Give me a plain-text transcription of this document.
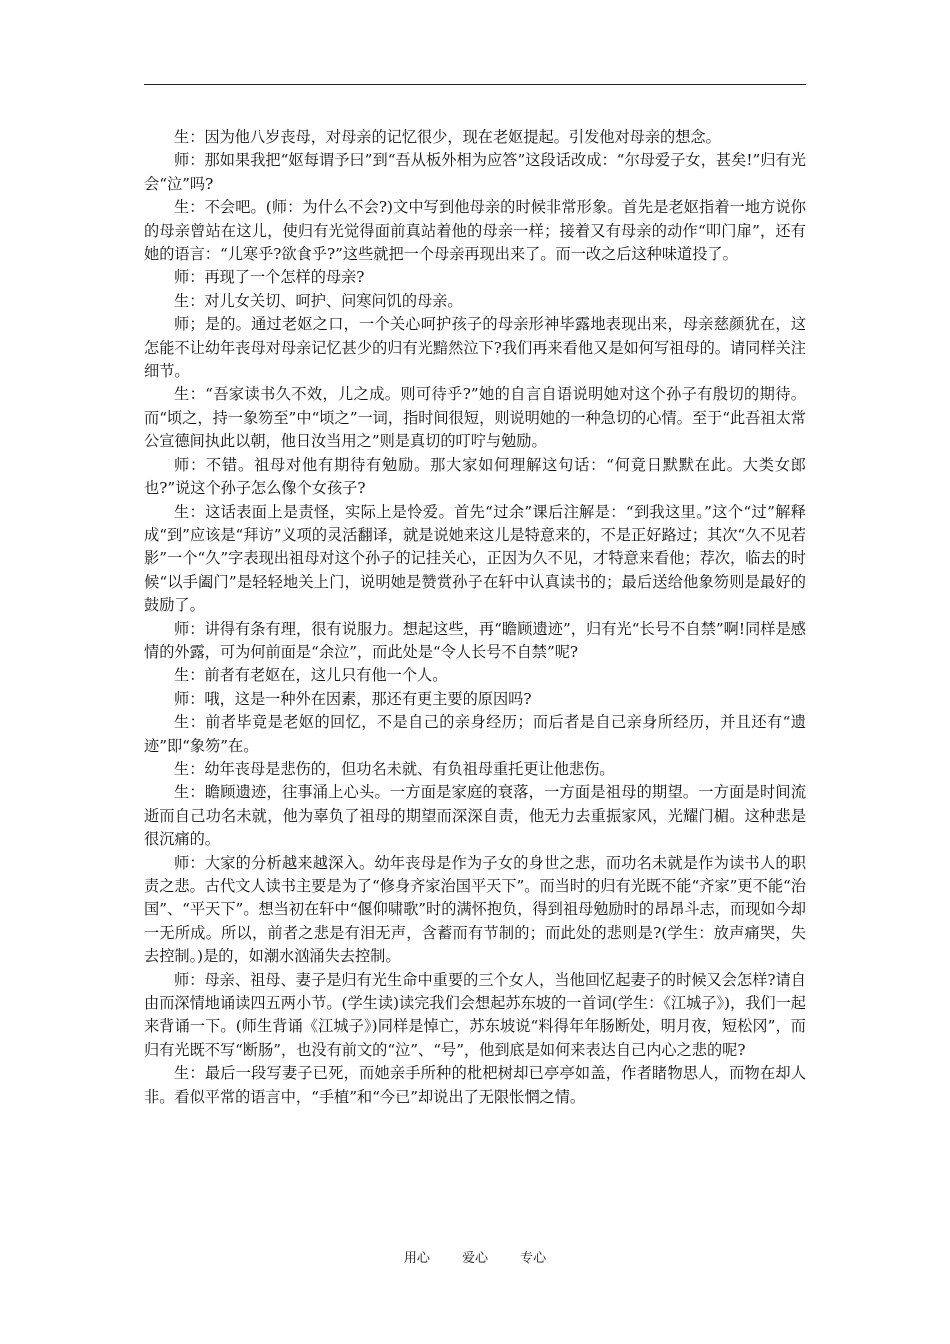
生：因为他八岁丧母，对母亲的记忆很少，现在老妪提起。引发他对母亲的想念。

师：那如果我把“妪每谓予曰”到“吾从板外相为应答”这段话改成：“尔母爱子女，甚矣!”归有光会“泣”吗?

生：不会吧。(师：为什么不会?)文中写到他母亲的时候非常形象。首先是老妪指着一地方说你的母亲曾站在这儿，使归有光觉得面前真站着他的母亲一样；接着又有母亲的动作“叩门扉”，还有她的语言：“儿寒乎?欲食乎?”这些就把一个母亲再现出来了。而一改之后这种味道投了。

师：再现了一个怎样的母亲?

生：对儿女关切、呵护、问寒问饥的母亲。

师；是的。通过老妪之口，一个关心呵护孩子的母亲形神毕露地表现出来，母亲慈颜犹在，这怎能不让幼年丧母对母亲记忆甚少的归有光黯然泣下?我们再来看他又是如何写祖母的。请同样关注细节。

生：“吾家读书久不效，儿之成。则可待乎?”她的自言自语说明她对这个孙子有殷切的期待。而“顷之，持一象笏至”中“顷之”一词，指时间很短，则说明她的一种急切的心情。至于“此吾祖太常公宣德间执此以朝，他日汝当用之”则是真切的叮咛与勉励。

师：不错。祖母对他有期待有勉励。那大家如何理解这句话：“何竟日默默在此。大类女郎也?”说这个孙子怎么像个女孩子?

生：这话表面上是责怪，实际上是怜爱。首先“过余”课后注解是：“到我这里。”这个“过”解释成“到”应该是“拜访”义项的灵活翻译，就是说她来这儿是特意来的，不是正好路过；其次“久不见若影”一个“久”字表现出祖母对这个孙子的记挂关心，正因为久不见，才特意来看他；荐次，临去的时候“以手阖门”是轻轻地关上门，说明她是赞赏孙子在轩中认真读书的；最后送给他象笏则是最好的鼓励了。

师：讲得有条有理，很有说服力。想起这些，再“瞻顾遗迹”，归有光“长号不自禁”啊!同样是感情的外露，可为何前面是“余泣”，而此处是“令人长号不自禁”呢?

生：前者有老妪在，这儿只有他一个人。

师：哦，这是一种外在因素，那还有更主要的原因吗?

生：前者毕竟是老妪的回忆，不是自己的亲身经历；而后者是自己亲身所经历，并且还有“遗迹”即“象笏”在。

生：幼年丧母是悲伤的，但功名未就、有负祖母重托更让他悲伤。

生：瞻顾遗迹，往事涌上心头。一方面是家庭的衰落，一方面是祖母的期望。一方面是时间流逝而自己功名未就，他为辜负了祖母的期望而深深自责，他无力去重振家风，光耀门楣。这种悲是很沉痛的。

师：大家的分析越来越深入。幼年丧母是作为子女的身世之悲，而功名未就是作为读书人的职责之悲。古代文人读书主要是为了“修身齐家治国平天下”。而当时的归有光既不能“齐家”更不能“治国”、“平天下”。想当初在轩中“偃仰啸歌”时的满怀抱负，得到祖母勉励时的昂昂斗志，而现如今却一无所成。所以，前者之悲是有泪无声，含蓄而有节制的；而此处的悲则是?(学生：放声痛哭，失去控制。)是的，如潮水汹涌失去控制。

师：母亲、祖母、妻子是归有光生命中重要的三个女人，当他回忆起妻子的时候又会怎样?请自由而深情地诵读四五两小节。(学生读)读完我们会想起苏东坡的一首词(学生：《江城子》)，我们一起来背诵一下。(师生背诵《江城子》)同样是悼亡，苏东坡说“料得年年肠断处，明月夜，短松冈”，而归有光既不写“断肠”，也没有前文的“泣”、“号”，他到底是如何来表达自己内心之悲的呢?

生：最后一段写妻子已死，而她亲手所种的枇杷树却已亭亭如盖，作者睹物思人，而物在却人非。看似平常的语言中，“手植”和“今已”却说出了无限怅惘之情。

用心 爱心 专心
